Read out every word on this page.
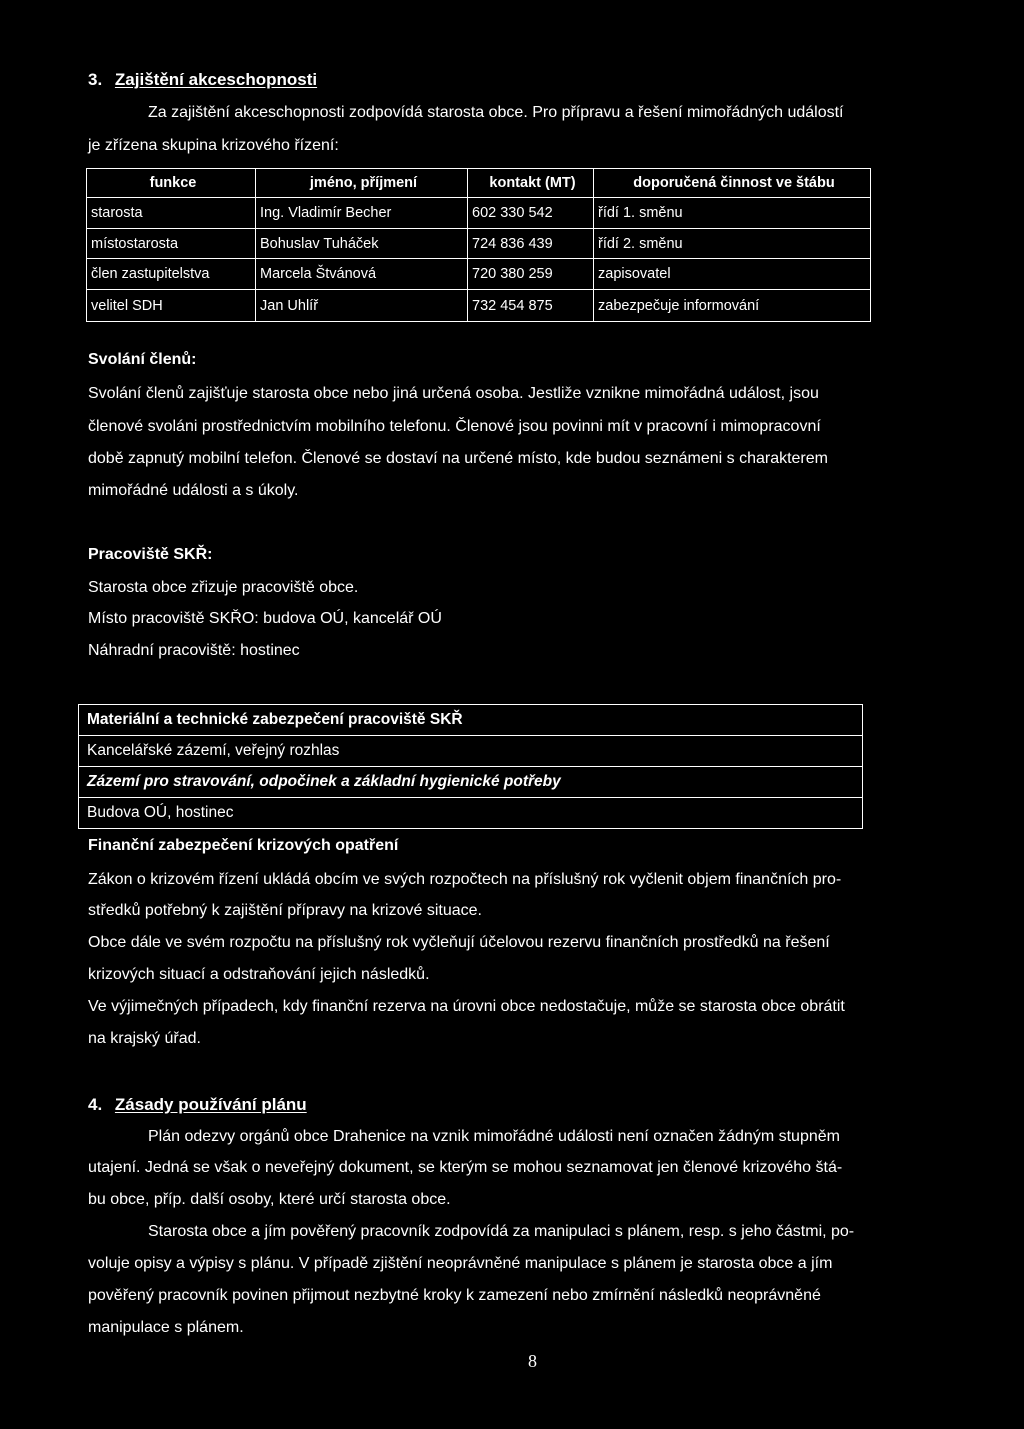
3. Zajištění akceschopnosti
Za zajištění akceschopnosti zodpovídá starosta obce. Pro přípravu a řešení mimořádných událostí
je zřízena skupina krizového řízení:
funkce	jméno, příjmení	kontakt (MT)	doporučená činnost ve štábu
starosta	Ing. Vladimír Becher	602 330 542	řídí 1. směnu
místostarosta	Bohuslav Tuháček	724 836 439	řídí 2. směnu
člen zastupitelstva	Marcela Štvánová	720 380 259	zapisovatel
velitel SDH	Jan Uhlíř	732 454 875	zabezpečuje informování
Svolání členů:
Svolání členů zajišťuje starosta obce nebo jiná určená osoba. Jestliže vznikne mimořádná událost, jsou
členové svoláni prostřednictvím mobilního telefonu. Členové jsou povinni mít v pracovní i mimopracovní
době zapnutý mobilní telefon. Členové se dostaví na určené místo, kde budou seznámeni s charakterem
mimořádné události a s úkoly.
Pracoviště SKŘ:
Starosta obce zřizuje pracoviště obce.
Místo pracoviště SKŘO: budova OÚ, kancelář OÚ
Náhradní pracoviště: hostinec
Materiální a technické zabezpečení pracoviště SKŘ
Kancelářské zázemí, veřejný rozhlas
Zázemí pro stravování, odpočinek a základní hygienické potřeby
Budova OÚ, hostinec
Finanční zabezpečení krizových opatření
Zákon o krizovém řízení ukládá obcím ve svých rozpočtech na příslušný rok vyčlenit objem finančních pro-
středků potřebný k zajištění přípravy na krizové situace.
Obce dále ve svém rozpočtu na příslušný rok vyčleňují účelovou rezervu finančních prostředků na řešení
krizových situací a odstraňování jejich následků.
Ve výjimečných případech, kdy finanční rezerva na úrovni obce nedostačuje, může se starosta obce obrátit
na krajský úřad.
4. Zásady používání plánu
Plán odezvy orgánů obce Drahenice na vznik mimořádné události není označen žádným stupněm
utajení. Jedná se však o neveřejný dokument, se kterým se mohou seznamovat jen členové krizového štá-
bu obce, příp. další osoby, které určí starosta obce.
Starosta obce a jím pověřený pracovník zodpovídá za manipulaci s plánem, resp. s jeho částmi, po-
voluje opisy a výpisy s plánu. V případě zjištění neoprávněné manipulace s plánem je starosta obce a jím
pověřený pracovník povinen přijmout nezbytné kroky k zamezení nebo zmírnění následků neoprávněné
manipulace s plánem.
8
